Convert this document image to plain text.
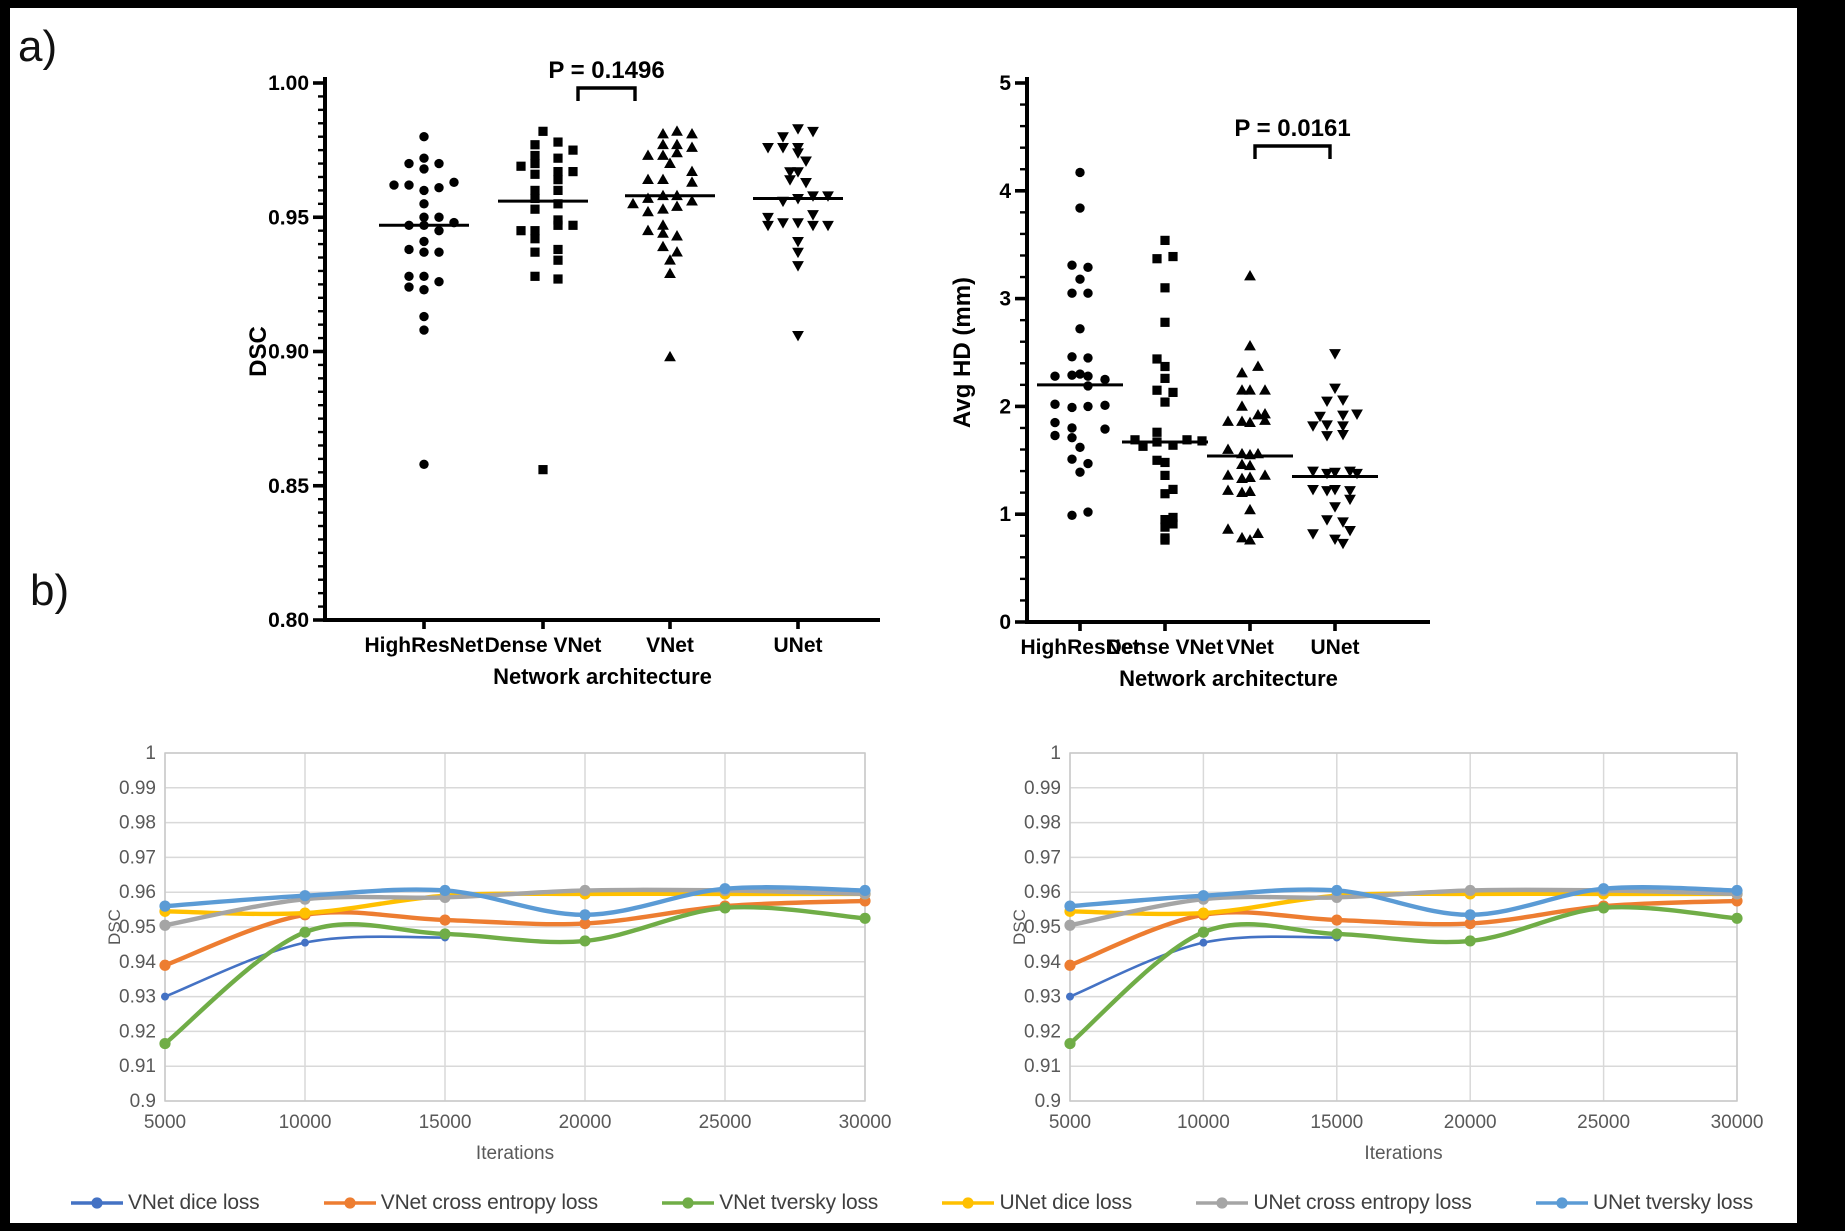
a)
b)
0.80
0.85
0.90
0.95
1.00
DSC
HighResNet Dense VNet VNet	UNet
Network architecture
P = 0.1496
0
1
2
3
4
5
Avg HD (mm)
HighResNet
Dense VNet VNet UNet
Network architecture
P = 0.0161
1
0.99
0.98
0.97
0.96
0.95
0.94
0.93
0.92
0.91
0.9
5000	10000	15000	20000	25000	30000
Iterations
DSC
1
0.99
0.98
0.97
0.96
0.95
0.94
0.93
0.92
0.91
0.9
5000	10000	15000	20000	25000	30000
Iterations
DSC
VNet dice loss	VNet cross entropy loss	VNet tversky loss	UNet dice loss	UNet cross entropy loss	UNet tversky loss
